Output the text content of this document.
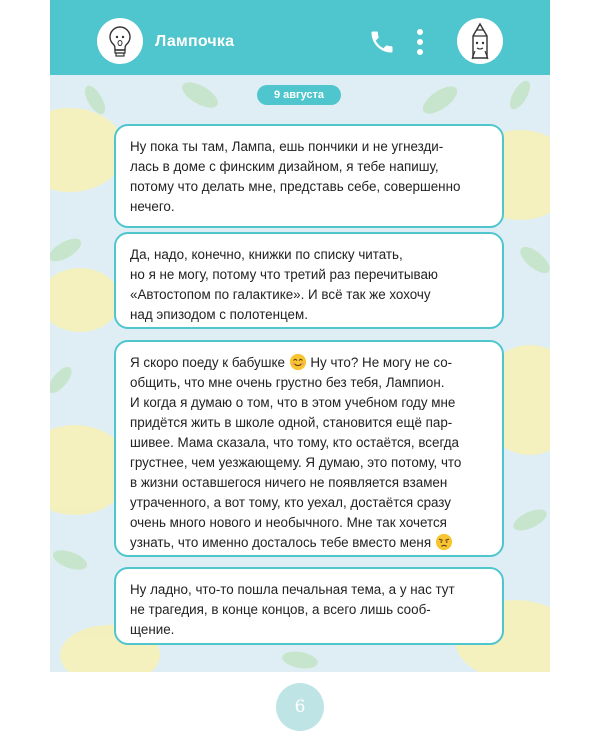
Лампочка
9 августа
Ну пока ты там, Лампа, ешь пончики и не угнезди-
лась в доме с финским дизайном, я тебе напишу,
потому что делать мне, представь себе, совершенно
нечего.
Да, надо, конечно, книжки по списку читать,
но я не могу, потому что третий раз перечитываю
«Автостопом по галактике». И всё так же хохочу
над эпизодом с полотенцем.
Я скоро поеду к бабушке Ну что? Не могу не со-
общить, что мне очень грустно без тебя, Лампион.
И когда я думаю о том, что в этом учебном году мне
придётся жить в школе одной, становится ещё пар-
шивее. Мама сказала, что тому, кто остаётся, всегда
грустнее, чем уезжающему. Я думаю, это потому, что
в жизни оставшегося ничего не появляется взамен
утраченного, а вот тому, кто уехал, достаётся сразу
очень много нового и необычного. Мне так хочется
узнать, что именно досталось тебе вместо меня
Ну ладно, что-то пошла печальная тема, а у нас тут
не трагедия, в конце концов, а всего лишь сооб-
щение.
6
